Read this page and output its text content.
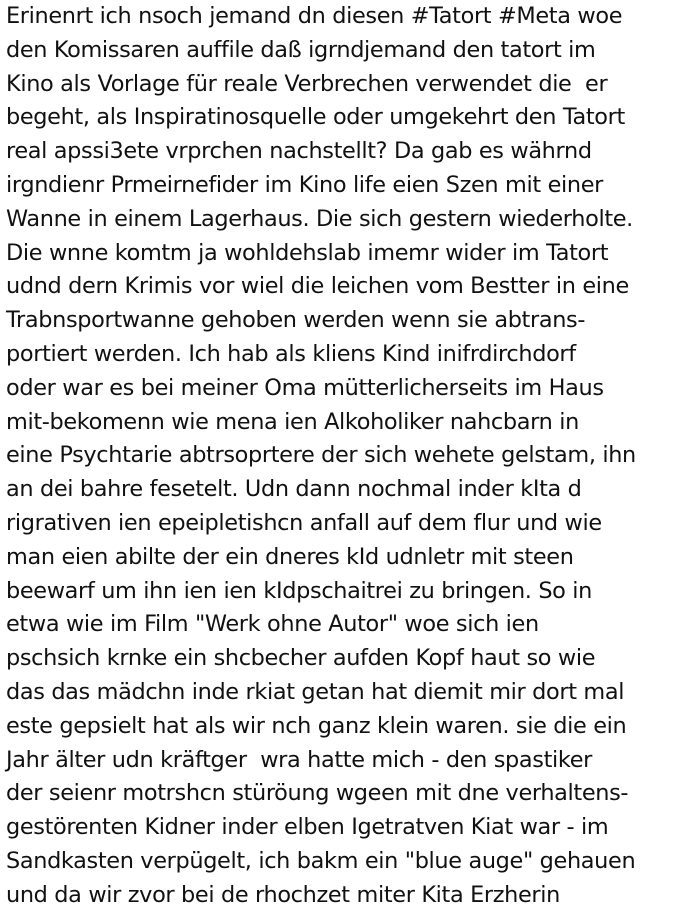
Erinenrt ich nsoch jemand dn diesen #Tatort #Meta woe
den Komissaren auffile daß igrndjemand den tatort im
Kino als Vorlage für reale Verbrechen verwendet die  er
begeht, als Inspiratinosquelle oder umgekehrt den Tatort
real apssi3ete vrprchen nachstellt? Da gab es währnd
irgndienr Prmeirnefider im Kino life eien Szen mit einer
Wanne in einem Lagerhaus. Die sich gestern wiederholte.
Die wnne komtm ja wohldehslab imemr wider im Tatort
udnd dern Krimis vor wiel die leichen vom Bestter in eine
Trabnsportwanne gehoben werden wenn sie abtrans-
portiert werden. Ich hab als kliens Kind inifrdirchdorf
oder war es bei meiner Oma mütterlicherseits im Haus
mit-bekomenn wie mena ien Alkoholiker nahcbarn in
eine Psychtarie abtrsoprtere der sich wehete gelstam, ihn
an dei bahre fesetelt. Udn dann nochmal inder kIta d
rigrativen ien epeipletishcn anfall auf dem flur und wie
man eien abilte der ein dneres kId udnletr mit steen
beewarf um ihn ien ien kIdpschaitrei zu bringen. So in
etwa wie im Film "Werk ohne Autor" woe sich ien
pschsich krnke ein shcbecher aufden Kopf haut so wie
das das mädchn inde rkiat getan hat diemit mir dort mal
este gepsielt hat als wir nch ganz klein waren. sie die ein
Jahr älter udn kräftger  wra hatte mich - den spastiker
der seienr motrshcn stüröung wgeen mit dne verhaltens-
gestörenten Kidner inder elben Igetratven Kiat war - im
Sandkasten verpügelt, ich bakm ein "blue auge" gehauen
und da wir zvor bei de rhochzet miter Kita Erzherin
